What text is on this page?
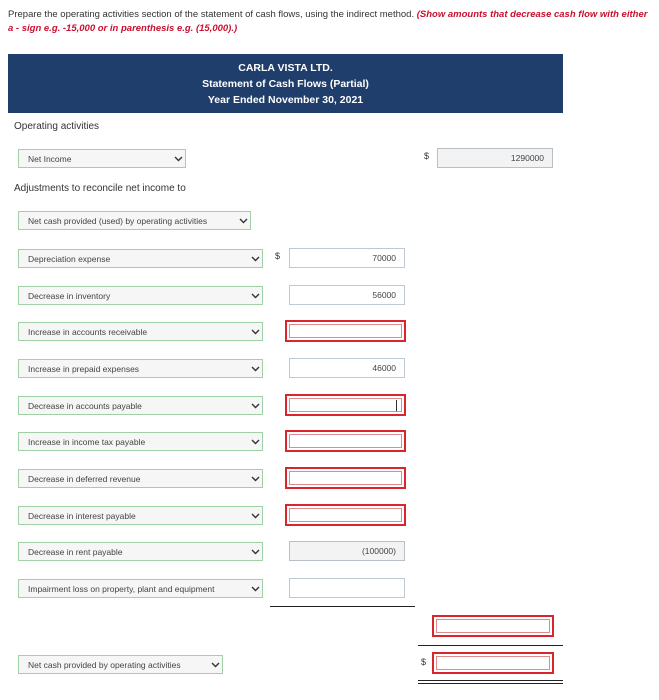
Prepare the operating activities section of the statement of cash flows, using the indirect method. (Show amounts that decrease cash flow with either a - sign e.g. -15,000 or in parenthesis e.g. (15,000).)
CARLA VISTA LTD.
Statement of Cash Flows (Partial)
Year Ended November 30, 2021
Operating activities
Net Income	$	1290000
Adjustments to reconcile net income to
Net cash provided (used) by operating activities
Depreciation expense	$	70000
Decrease in inventory	56000
Increase in accounts receivable
Increase in prepaid expenses	46000
Decrease in accounts payable
Increase in income tax payable
Decrease in deferred revenue
Decrease in interest payable
Decrease in rent payable	(100000)
Impairment loss on property, plant and equipment
Net cash provided by operating activities	$
